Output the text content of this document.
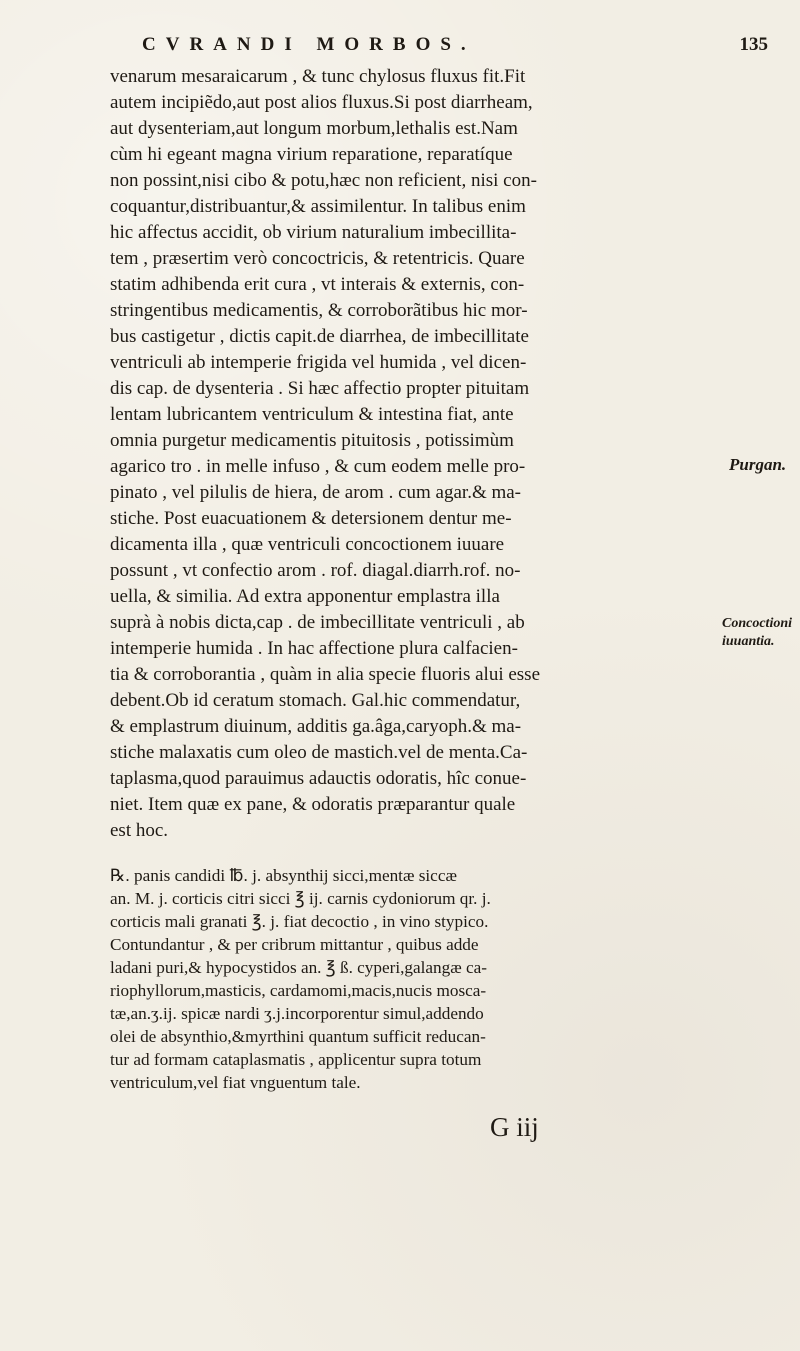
CVRANDI MORBOS.	135
venarum mesaraicarum , & tunc chylosus fluxus fit.Fit
autem incipiẽdo,aut post alios fluxus.Si post diarrheam,
aut dysenteriam,aut longum morbum,lethalis est.Nam
cùm hi egeant magna virium reparatione, reparatíque
non possint,nisi cibo & potu,hæc non reficient, nisi con-
coquantur,distribuantur,& assimilentur. In talibus enim
hic affectus accidit, ob virium naturalium imbecillita-
tem , præsertim verò concoctricis, & retentricis. Quare
statim adhibenda erit cura , vt interais & externis, con-
stringentibus medicamentis, & corroborãtibus hic mor-
bus castigetur , dictis capit.de diarrhea, de imbecillitate
ventriculi ab intemperie frigida vel humida , vel dicen-
dis cap. de dysenteria . Si hæc affectio propter pituitam
lentam lubricantem ventriculum & intestina fiat, ante
omnia purgetur medicamentis pituitosis , potissimùm
agarico tro . in melle infuso , & cum eodem melle pro-
pinato , vel pilulis de hiera, de arom . cum agar.& ma-
stiche. Post euacuationem & detersionem dentur me-
dicamenta illa , quæ ventriculi concoctionem iuuare
possunt , vt confectio arom . rof. diagal.diarrh.rof. no-
uella, & similia. Ad extra apponentur emplastra illa
suprà à nobis dicta,cap . de imbecillitate ventriculi , ab
intemperie humida . In hac affectione plura calfacien-
tia & corroborantia , quàm in alia specie fluoris alui esse
debent.Ob id ceratum stomach. Gal.hic commendatur,
& emplastrum diuinum, additis ga.âga,caryoph.& ma-
stiche malaxatis cum oleo de mastich.vel de menta.Ca-
taplasma,quod parauimus adauctis odoratis, hîc conue-
niet. Item quæ ex pane, & odoratis præparantur quale
est hoc.
℞. panis candidi ℔. j. absynthij sicci,mentæ siccæ
an. M. j. corticis citri sicci ℥ ij. carnis cydoniorum qr. j.
corticis mali granati ℥. j. fiat decoctio , in vino stypico.
Contundantur , & per cribrum mittantur , quibus adde
ladani puri,& hypocystidos an. ℥ ß. cyperi,galangæ ca-
riophyllorum,masticis, cardamomi,macis,nucis mosca-
tæ,an.ʒ.ij. spicæ nardi ʒ.j.incorporentur simul,addendo
olei de absynthio,&myrthini quantum sufficit reducan-
tur ad formam cataplasmatis , applicentur supra totum
ventriculum,vel fiat vnguentum tale.
Purgan.
Concoctioni
iuuantia.
G iij
